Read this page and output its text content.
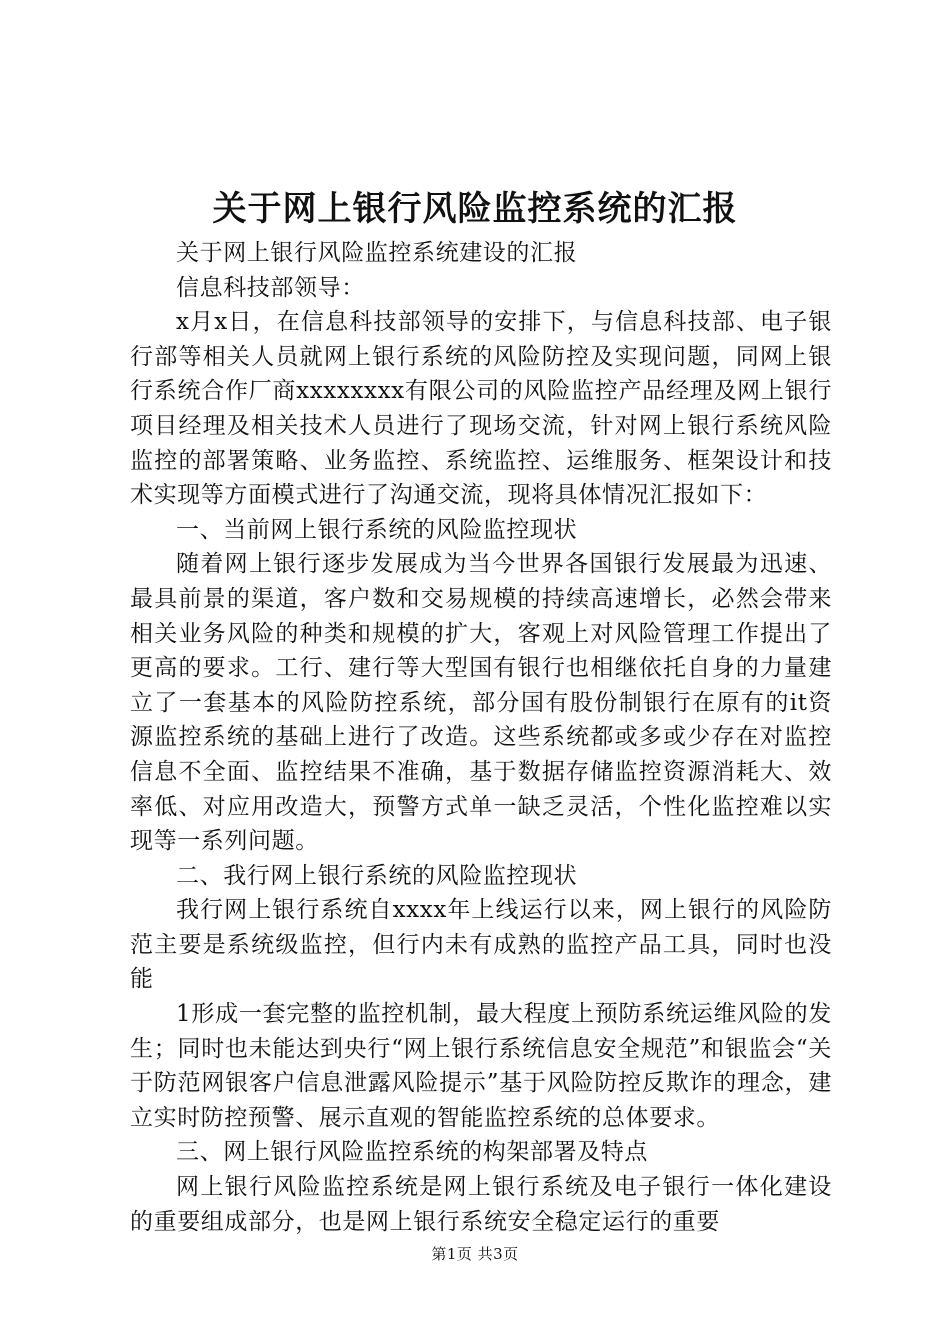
关于网上银行风险监控系统的汇报

关于网上银行风险监控系统建设的汇报

信息科技部领导：

x月x日，在信息科技部领导的安排下，与信息科技部、电子银行部等相关人员就网上银行系统的风险防控及实现问题，同网上银行系统合作厂商xxxxxxxx有限公司的风险监控产品经理及网上银行项目经理及相关技术人员进行了现场交流，针对网上银行系统风险监控的部署策略、业务监控、系统监控、运维服务、框架设计和技术实现等方面模式进行了沟通交流，现将具体情况汇报如下：

一、当前网上银行系统的风险监控现状

随着网上银行逐步发展成为当今世界各国银行发展最为迅速、最具前景的渠道，客户数和交易规模的持续高速增长，必然会带来相关业务风险的种类和规模的扩大，客观上对风险管理工作提出了更高的要求。工行、建行等大型国有银行也相继依托自身的力量建立了一套基本的风险防控系统，部分国有股份制银行在原有的it资源监控系统的基础上进行了改造。这些系统都或多或少存在对监控信息不全面、监控结果不准确，基于数据存储监控资源消耗大、效率低、对应用改造大，预警方式单一缺乏灵活，个性化监控难以实现等一系列问题。

二、我行网上银行系统的风险监控现状

我行网上银行系统自xxxx年上线运行以来，网上银行的风险防范主要是系统级监控，但行内未有成熟的监控产品工具，同时也没能

1形成一套完整的监控机制，最大程度上预防系统运维风险的发生；同时也未能达到央行“网上银行系统信息安全规范”和银监会“关于防范网银客户信息泄露风险提示”基于风险防控反欺诈的理念，建立实时防控预警、展示直观的智能监控系统的总体要求。

三、网上银行风险监控系统的构架部署及特点

网上银行风险监控系统是网上银行系统及电子银行一体化建设的重要组成部分，也是网上银行系统安全稳定运行的重要

第1页 共3页
